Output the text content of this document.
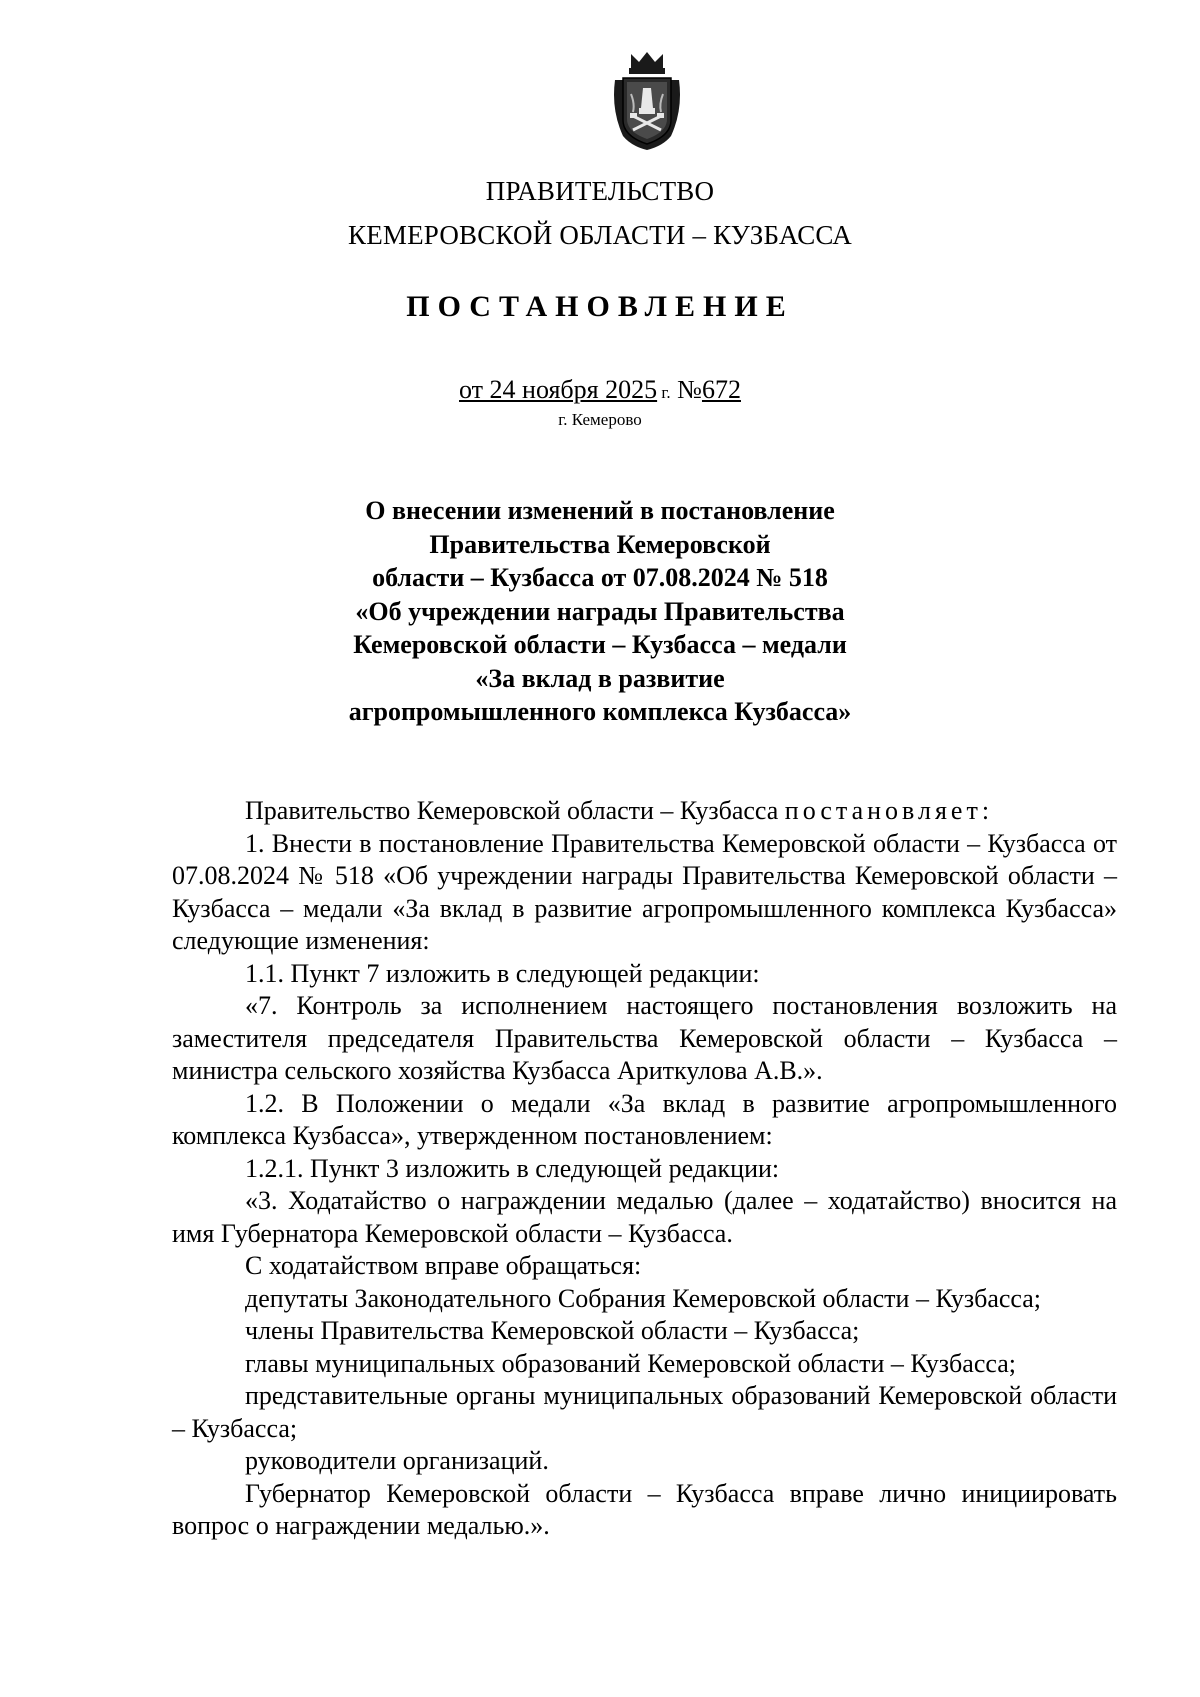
ПРАВИТЕЛЬСТВО
КЕМЕРОВСКОЙ ОБЛАСТИ – КУЗБАССА
ПОСТАНОВЛЕНИЕ
от 24 ноября 2025 г. №672
г. Кемерово
О внесении изменений в постановление
Правительства Кемеровской
области – Кузбасса от 07.08.2024 № 518
«Об учреждении награды Правительства
Кемеровской области – Кузбасса – медали
«За вклад в развитие
агропромышленного комплекса Кузбасса»

Правительство Кемеровской области – Кузбасса постановляет:

1. Внести в постановление Правительства Кемеровской области – Кузбасса от 07.08.2024 № 518 «Об учреждении награды Правительства Кемеровской области – Кузбасса – медали «За вклад в развитие агропромышленного комплекса Кузбасса» следующие изменения:

1.1. Пункт 7 изложить в следующей редакции:

«7. Контроль за исполнением настоящего постановления возложить на заместителя председателя Правительства Кемеровской области – Кузбасса – министра сельского хозяйства Кузбасса Ариткулова А.В.».

1.2. В Положении о медали «За вклад в развитие агропромышленного комплекса Кузбасса», утвержденном постановлением:

1.2.1. Пункт 3 изложить в следующей редакции:

«3. Ходатайство о награждении медалью (далее – ходатайство) вносится на имя Губернатора Кемеровской области – Кузбасса.

С ходатайством вправе обращаться:

депутаты Законодательного Собрания Кемеровской области – Кузбасса;

члены Правительства Кемеровской области – Кузбасса;

главы муниципальных образований Кемеровской области – Кузбасса;

представительные органы муниципальных образований Кемеровской области – Кузбасса;

руководители организаций.

Губернатор Кемеровской области – Кузбасса вправе лично инициировать вопрос о награждении медалью.».
